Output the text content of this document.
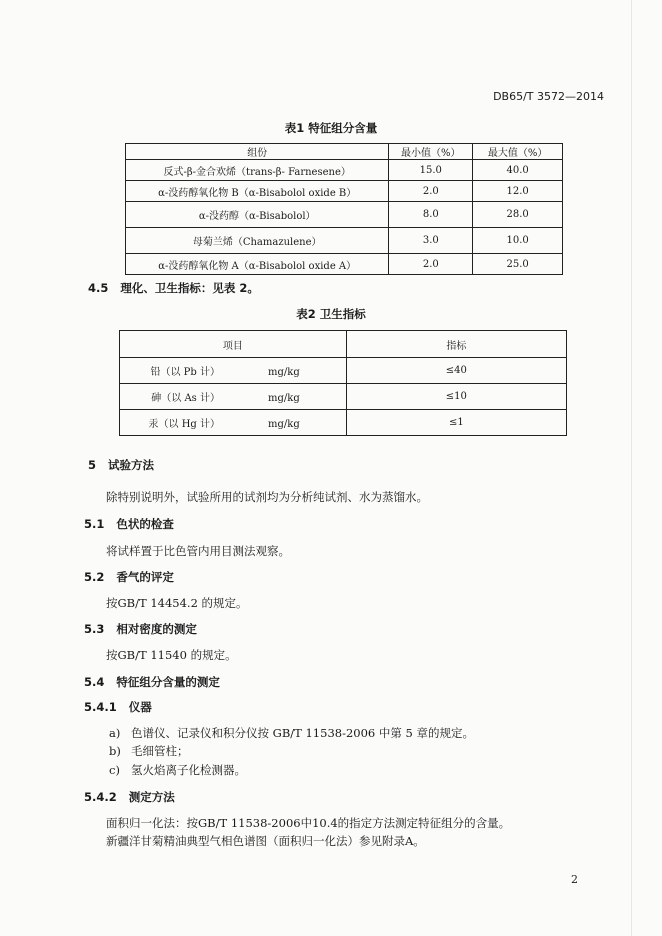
DB65/T 3572—2014
表1 特征组分含量
组份	最小值（%）	最大值（%）
反式-β-金合欢烯（trans-β- Farnesene）	15.0	40.0
α-没药醇氧化物 B（α-Bisabolol oxide B）	2.0	12.0
α-没药醇（α-Bisabolol）	8.0	28.0
母菊兰烯（Chamazulene）	3.0	10.0
α-没药醇氧化物 A（α-Bisabolol oxide A）	2.0	25.0
4.5 理化、卫生指标：见表 2。
表2 卫生指标
项目	指标
铅（以 Pb 计） mg/kg	≤40
砷（以 As 计） mg/kg	≤10
汞（以 Hg 计） mg/kg	≤1
5 试验方法
除特别说明外，试验所用的试剂均为分析纯试剂、水为蒸馏水。
5.1 色状的检查
将试样置于比色管内用目测法观察。
5.2 香气的评定
按GB/T 14454.2 的规定。
5.3 相对密度的测定
按GB/T 11540 的规定。
5.4 特征组分含量的测定
5.4.1 仪器
a) 色谱仪、记录仪和积分仪按 GB/T 11538-2006 中第 5 章的规定。
b) 毛细管柱；
c) 氢火焰离子化检测器。
5.4.2 测定方法
面积归一化法：按GB/T 11538-2006中10.4的指定方法测定特征组分的含量。
新疆洋甘菊精油典型气相色谱图（面积归一化法）参见附录A。
2
